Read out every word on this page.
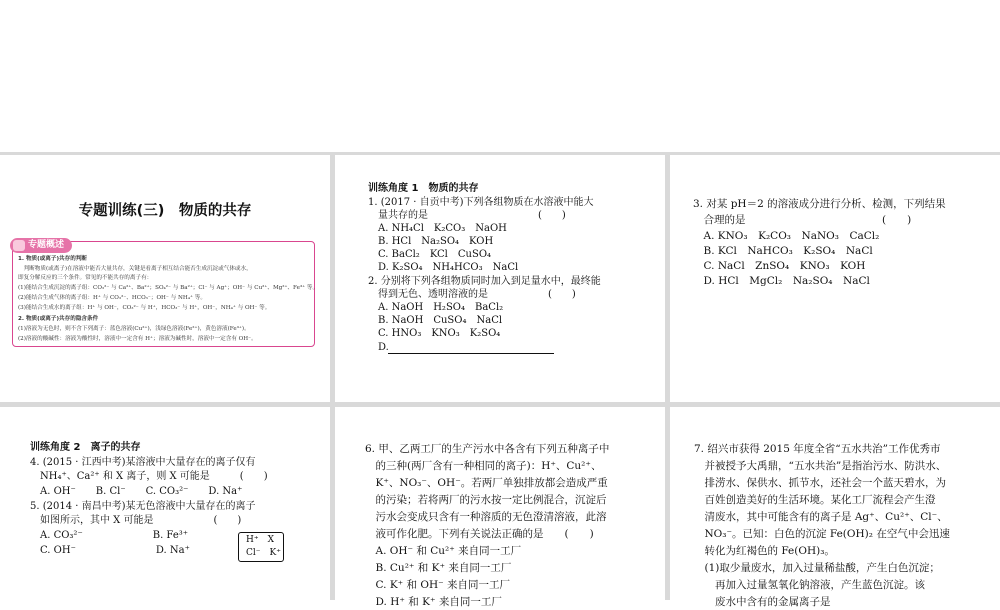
专题训练(三)　物质的共存
专题概述
1. 物质(或离子)共存的判断
　判断物质(或离子)在溶液中能否大量共存，关键是看离子相互结合能否生成沉淀或气体或水，
即复分解反应的三个条件。常见的不能共存的离子有：
(1)能结合生成沉淀的离子组：CO₃²⁻ 与 Ca²⁺、Ba²⁺；SO₄²⁻ 与 Ba²⁺；Cl⁻ 与 Ag⁺；OH⁻ 与 Cu²⁺、Mg²⁺、Fe³⁺ 等。
(2)能结合生成气体的离子组：H⁺ 与 CO₃²⁻、HCO₃⁻；OH⁻ 与 NH₄⁺ 等。
(3)能结合生成水的离子组：H⁺ 与 OH⁻，CO₃²⁻ 与 H⁺，HCO₃⁻ 与 H⁺，OH⁻，NH₄⁺ 与 OH⁻ 等。
2. 物质(或离子)共存的隐含条件
(1)溶液为无色时，则不含下列离子：蓝色溶液(Cu²⁺)，浅绿色溶液(Fe²⁺)，黄色溶液(Fe³⁺)。
(2)溶液的酸碱性：溶液为酸性时，溶液中一定含有 H⁺；溶液为碱性时，溶液中一定含有 OH⁻。
训练角度 1　物质的共存
1. (2017 · 自贡中考)下列各组物质在水溶液中能大
　量共存的是　　　　　　　　　　　(　　)
　A. NH₄Cl　K₂CO₃　NaOH
　B. HCl　Na₂SO₄　KOH
　C. BaCl₂　KCl　CuSO₄
　D. K₂SO₄　NH₄HCO₃　NaCl
2. 分别将下列各组物质同时加入到足量水中，最终能
　得到无色、透明溶液的是　　　　　　(　　)
　A. NaOH　H₂SO₄　BaCl₂
　B. NaOH　CuSO₄　NaCl
　C. HNO₃　KNO₃　K₂SO₄
　D.
3. 对某 pH＝2 的溶液成分进行分析、检测，下列结果
　合理的是　　　　　　　　　　　　　(　　)
　A. KNO₃　K₂CO₃　NaNO₃　CaCl₂
　B. KCl　NaHCO₃　K₂SO₄　NaCl
　C. NaCl　ZnSO₄　KNO₃　KOH
　D. HCl　MgCl₂　Na₂SO₄　NaCl
训练角度 2　离子的共存
4. (2015 · 江西中考)某溶液中大量存在的离子仅有
　NH₄⁺、Ca²⁺ 和 X 离子，则 X 可能是　　　(　　)
　A. OH⁻　　B. Cl⁻　　C. CO₃²⁻　　D. Na⁺
5. (2014 · 南昌中考)某无色溶液中大量存在的离子
　如图所示，其中 X 可能是　　　　　　(　　)
　A. CO₃²⁻　　　　　　　B. Fe³⁺
　C. OH⁻　　　　　　　　D. Na⁺
H⁺　X
Cl⁻　K⁺
6. 甲、乙两工厂的生产污水中各含有下列五种离子中
　的三种(两厂含有一种相同的离子)：H⁺、Cu²⁺、
　K⁺、NO₃⁻、OH⁻。若两厂单独排放都会造成严重
　的污染；若将两厂的污水按一定比例混合，沉淀后
　污水会变成只含有一种溶质的无色澄清溶液，此溶
　液可作化肥。下列有关说法正确的是　　(　　)
　A. OH⁻ 和 Cu²⁺ 来自同一工厂
　B. Cu²⁺ 和 K⁺ 来自同一工厂
　C. K⁺ 和 OH⁻ 来自同一工厂
　D. H⁺ 和 K⁺ 来自同一工厂
7. 绍兴市获得 2015 年度全省“五水共治”工作优秀市
　并被授予大禹鼎，“五水共治”是指治污水、防洪水、
　排涝水、保供水、抓节水，还社会一个蓝天碧水，为
　百姓创造美好的生活环境。某化工厂流程会产生澄
　清废水，其中可能含有的离子是 Ag⁺、Cu²⁺、Cl⁻、
　NO₃⁻。已知：白色的沉淀 Fe(OH)₂ 在空气中会迅速
　转化为红褐色的 Fe(OH)₃。
　(1)取少量废水，加入过量稀盐酸，产生白色沉淀；
　　再加入过量氢氧化钠溶液，产生蓝色沉淀。该
　　废水中含有的金属离子是
